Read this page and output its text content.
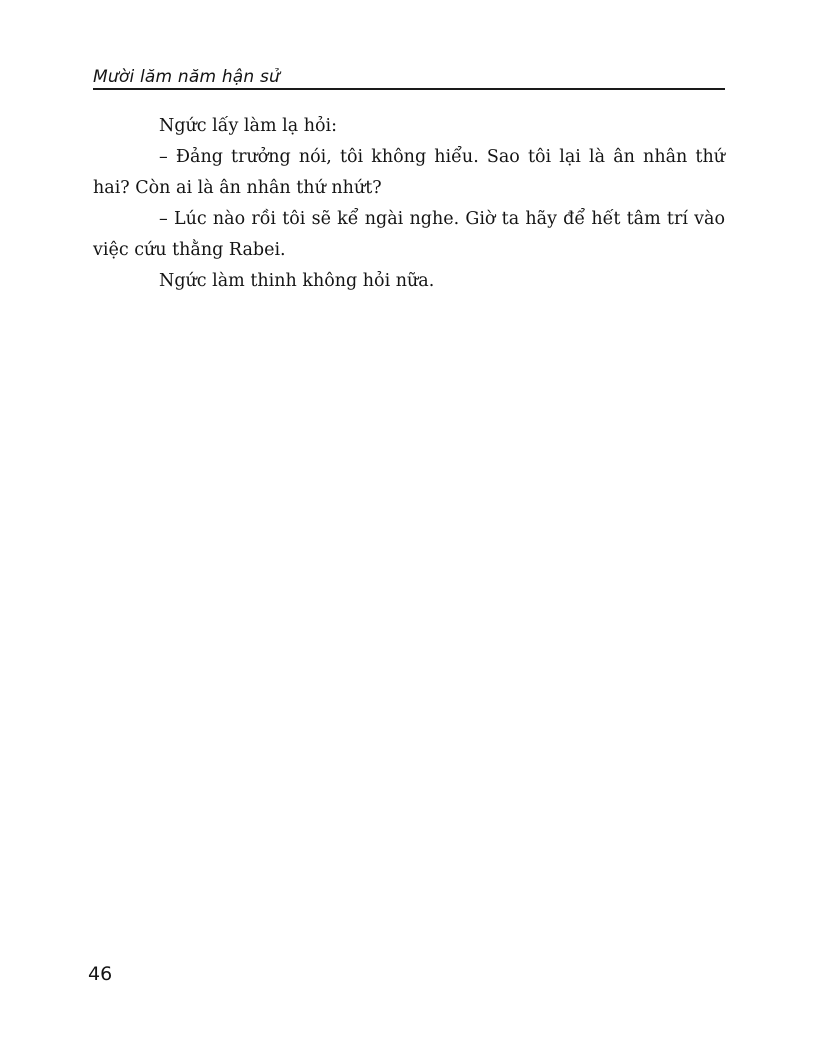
Mười lăm năm hận sử

Ngức lấy làm lạ hỏi:

– Đảng trưởng nói, tôi không hiểu. Sao tôi lại là ân nhân thứ hai? Còn ai là ân nhân thứ nhứt?

– Lúc nào rồi tôi sẽ kể ngài nghe. Giờ ta hãy để hết tâm trí vào việc cứu thằng Rabei.

Ngức làm thinh không hỏi nữa.

46
